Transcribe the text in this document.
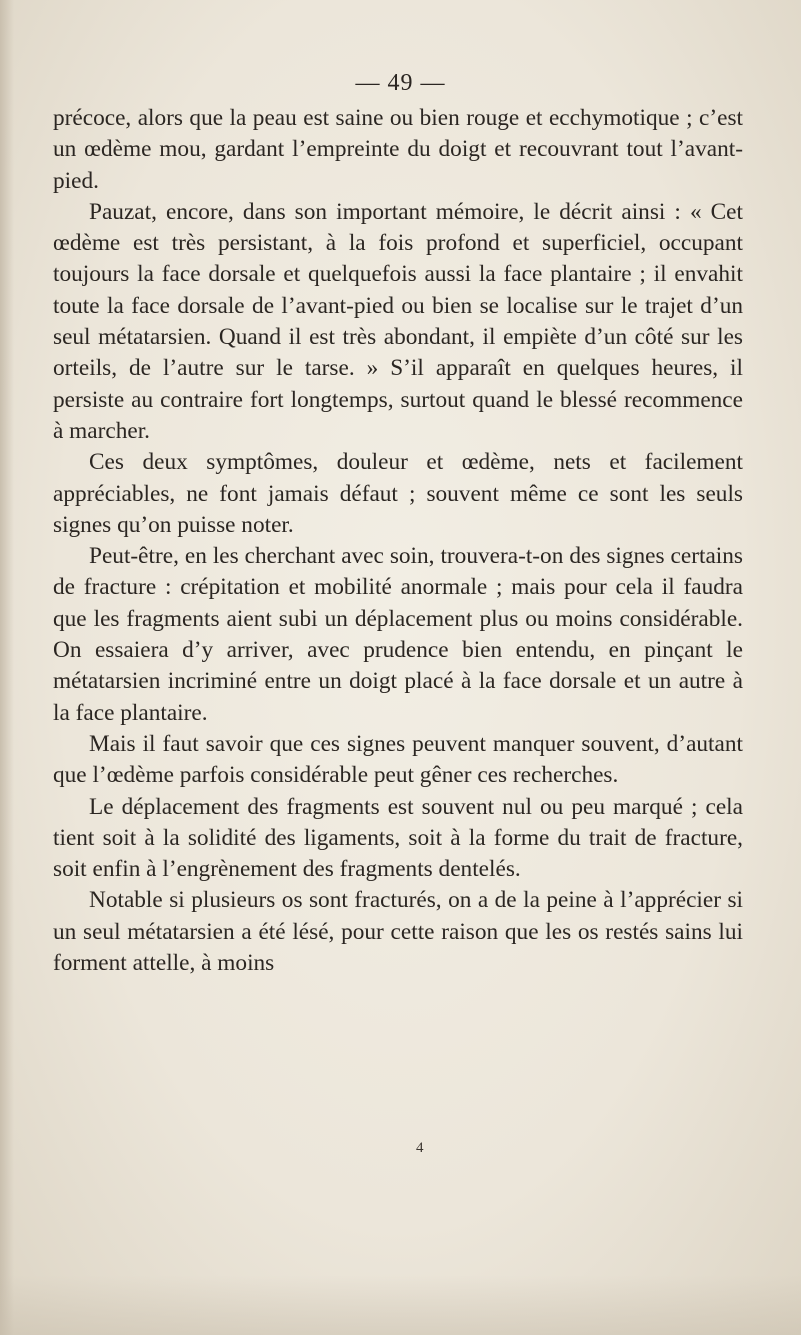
— 49 —

précoce, alors que la peau est saine ou bien rouge et ecchymotique ; c’est un œdème mou, gardant l’empreinte du doigt et recouvrant tout l’avant-pied.

Pauzat, encore, dans son important mémoire, le décrit ainsi : « Cet œdème est très persistant, à la fois profond et superficiel, occupant toujours la face dorsale et quelquefois aussi la face plantaire ; il envahit toute la face dorsale de l’avant-pied ou bien se localise sur le trajet d’un seul métatarsien. Quand il est très abondant, il empiète d’un côté sur les orteils, de l’autre sur le tarse. » S’il apparaît en quelques heures, il persiste au contraire fort longtemps, surtout quand le blessé recommence à marcher.

Ces deux symptômes, douleur et œdème, nets et facilement appréciables, ne font jamais défaut ; souvent même ce sont les seuls signes qu’on puisse noter.

Peut-être, en les cherchant avec soin, trouvera-t-on des signes certains de fracture : crépitation et mobilité anormale ; mais pour cela il faudra que les fragments aient subi un déplacement plus ou moins considérable. On essaiera d’y arriver, avec prudence bien entendu, en pinçant le métatarsien incriminé entre un doigt placé à la face dorsale et un autre à la face plantaire.

Mais il faut savoir que ces signes peuvent manquer souvent, d’autant que l’œdème parfois considérable peut gêner ces recherches.

Le déplacement des fragments est souvent nul ou peu marqué ; cela tient soit à la solidité des ligaments, soit à la forme du trait de fracture, soit enfin à l’engrènement des fragments dentelés.

Notable si plusieurs os sont fracturés, on a de la peine à l’apprécier si un seul métatarsien a été lésé, pour cette raison que les os restés sains lui forment attelle, à moins

4
